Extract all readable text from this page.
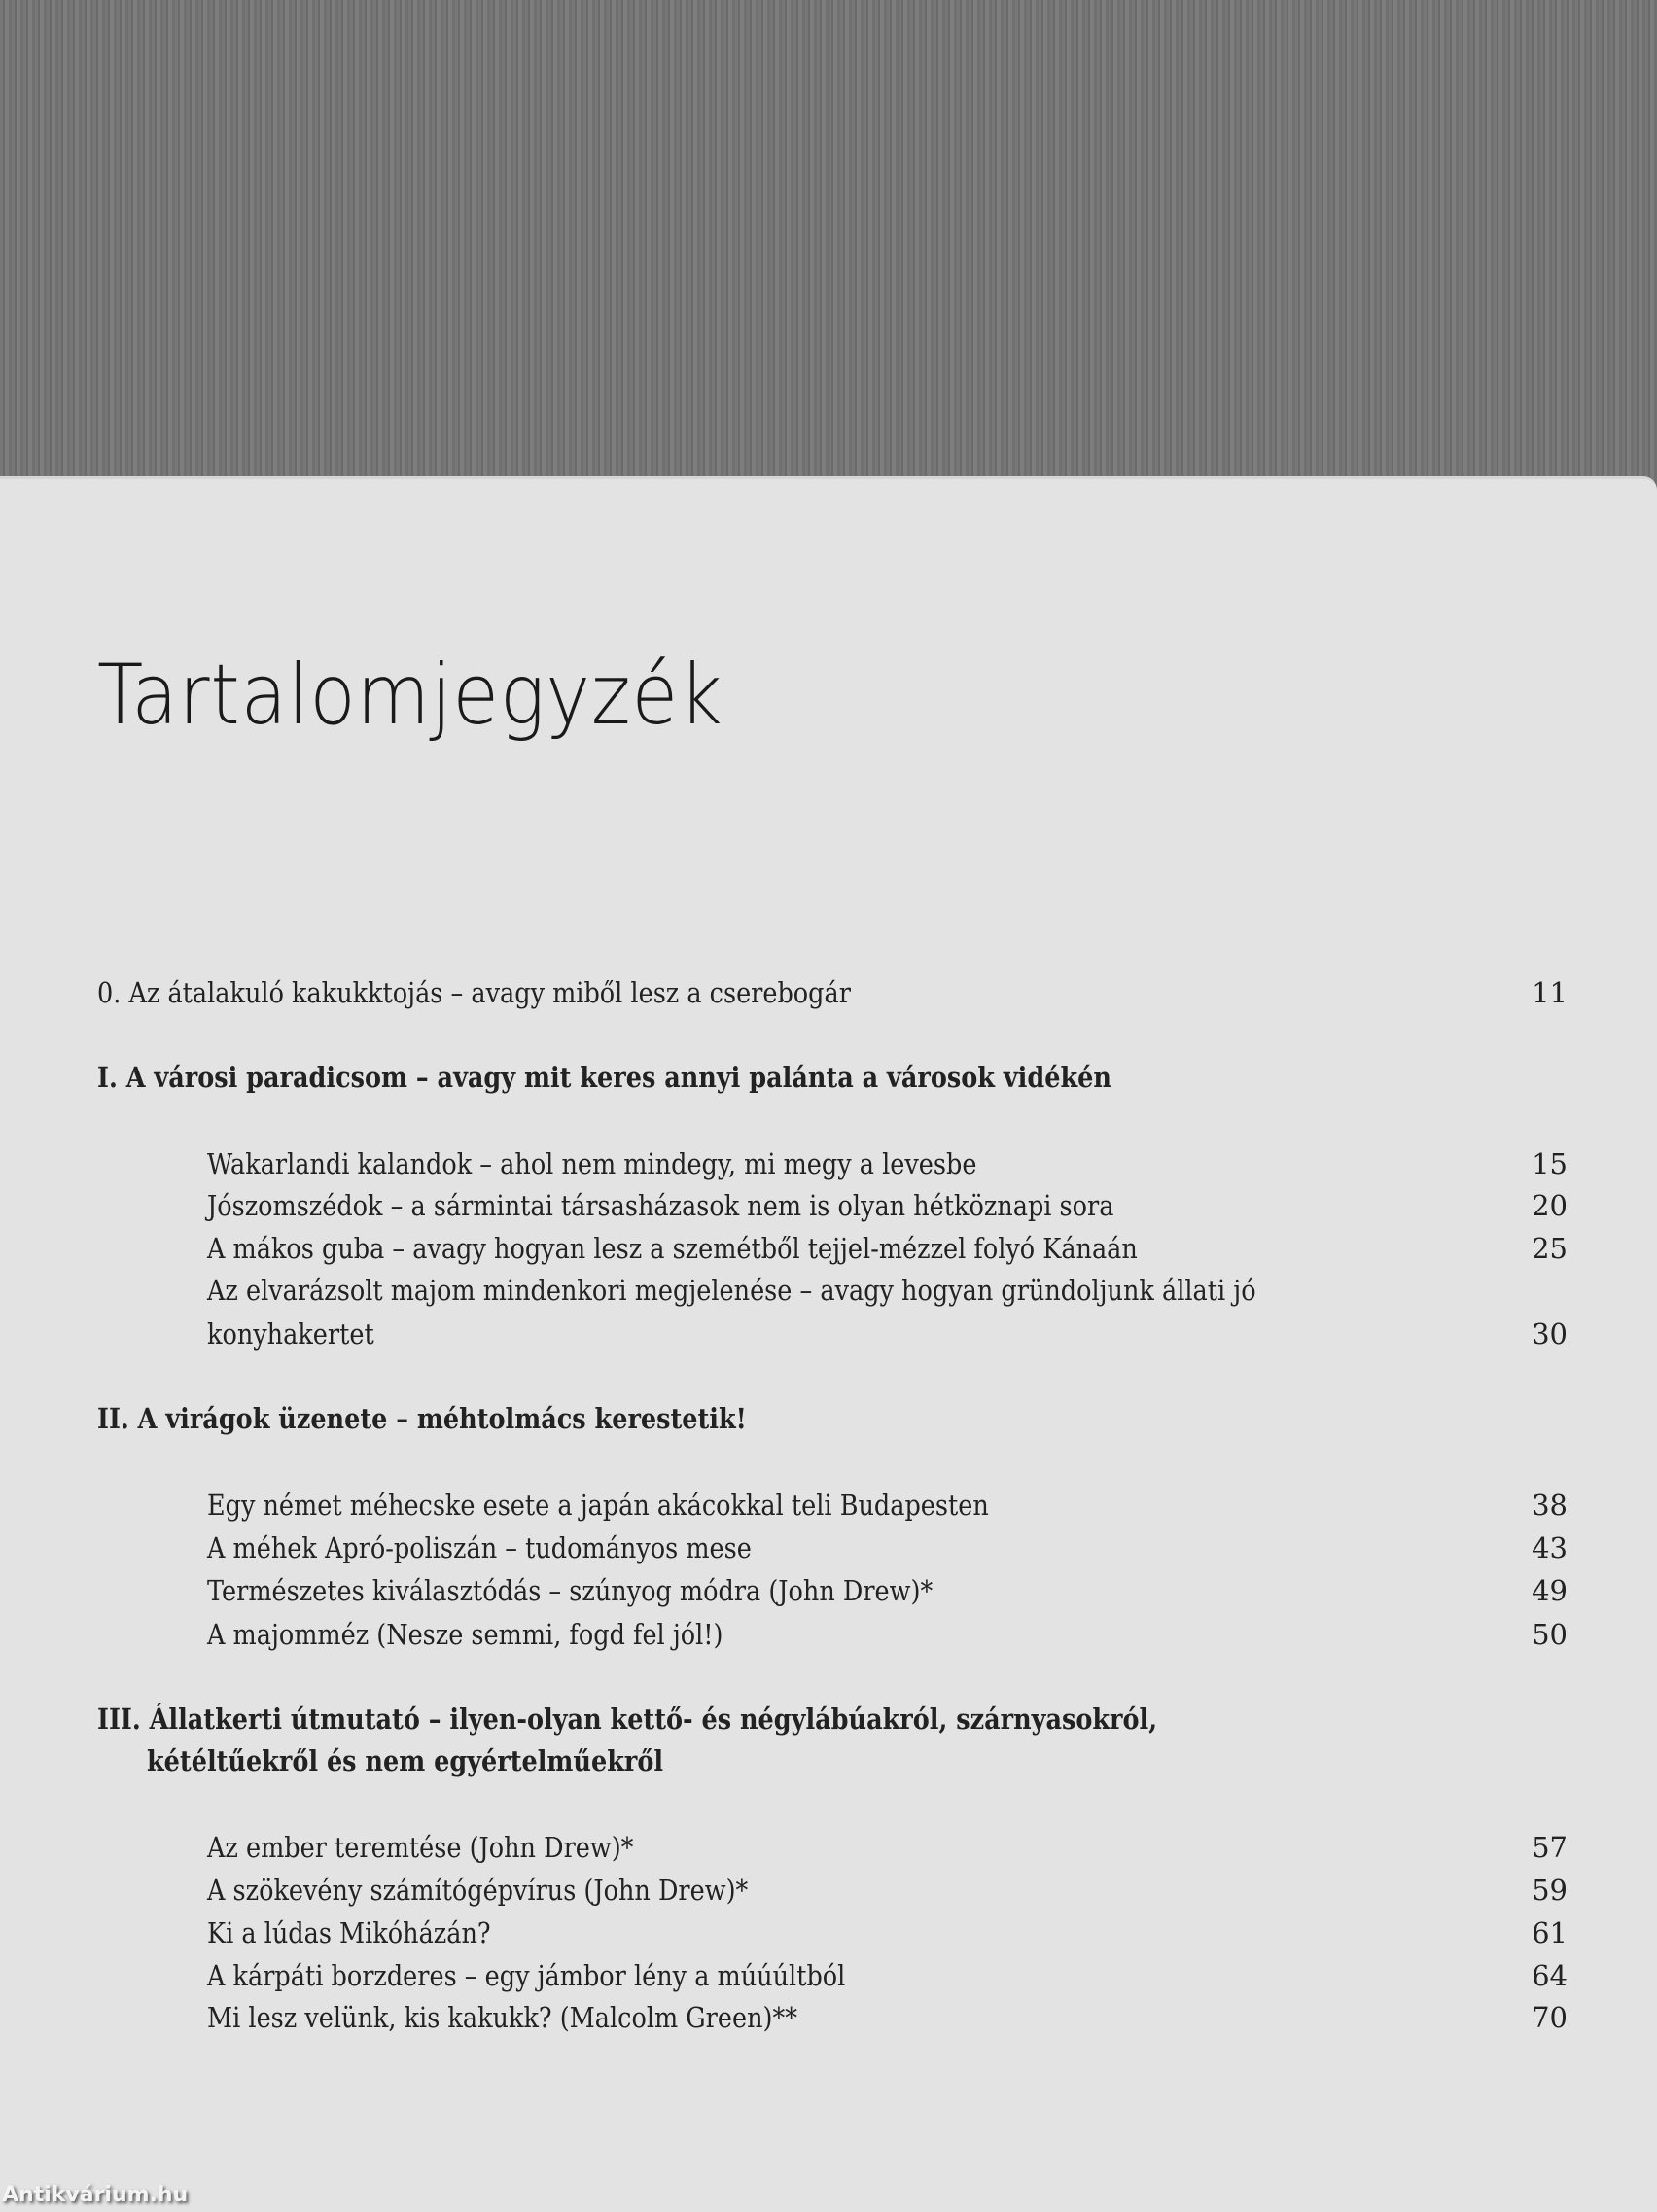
Tartalomjegyzék
0. Az átalakuló kakukktojás – avagy miből lesz a cserebogár	11
I. A városi paradicsom – avagy mit keres annyi palánta a városok vidékén
Wakarlandi kalandok – ahol nem mindegy, mi megy a levesbe	15
Jószomszédok – a sármintai társasházasok nem is olyan hétköznapi sora	20
A mákos guba – avagy hogyan lesz a szemétből tejjel-mézzel folyó Kánaán	25
Az elvarázsolt majom mindenkori megjelenése – avagy hogyan gründoljunk állati jó
konyhakertet	30
II. A virágok üzenete – méhtolmács kerestetik!
Egy német méhecske esete a japán akácokkal teli Budapesten	38
A méhek Apró-poliszán – tudományos mese	43
Természetes kiválasztódás – szúnyog módra (John Drew)*	49
A majomméz (Nesze semmi, fogd fel jól!)	50
III. Állatkerti útmutató – ilyen-olyan kettő- és négylábúakról, szárnyasokról,
kétéltűekről és nem egyértelműekről
Az ember teremtése (John Drew)*	57
A szökevény számítógépvírus (John Drew)*	59
Ki a lúdas Mikóházán?	61
A kárpáti borzderes – egy jámbor lény a múúúltból	64
Mi lesz velünk, kis kakukk? (Malcolm Green)**	70
Antikvárium.hu
